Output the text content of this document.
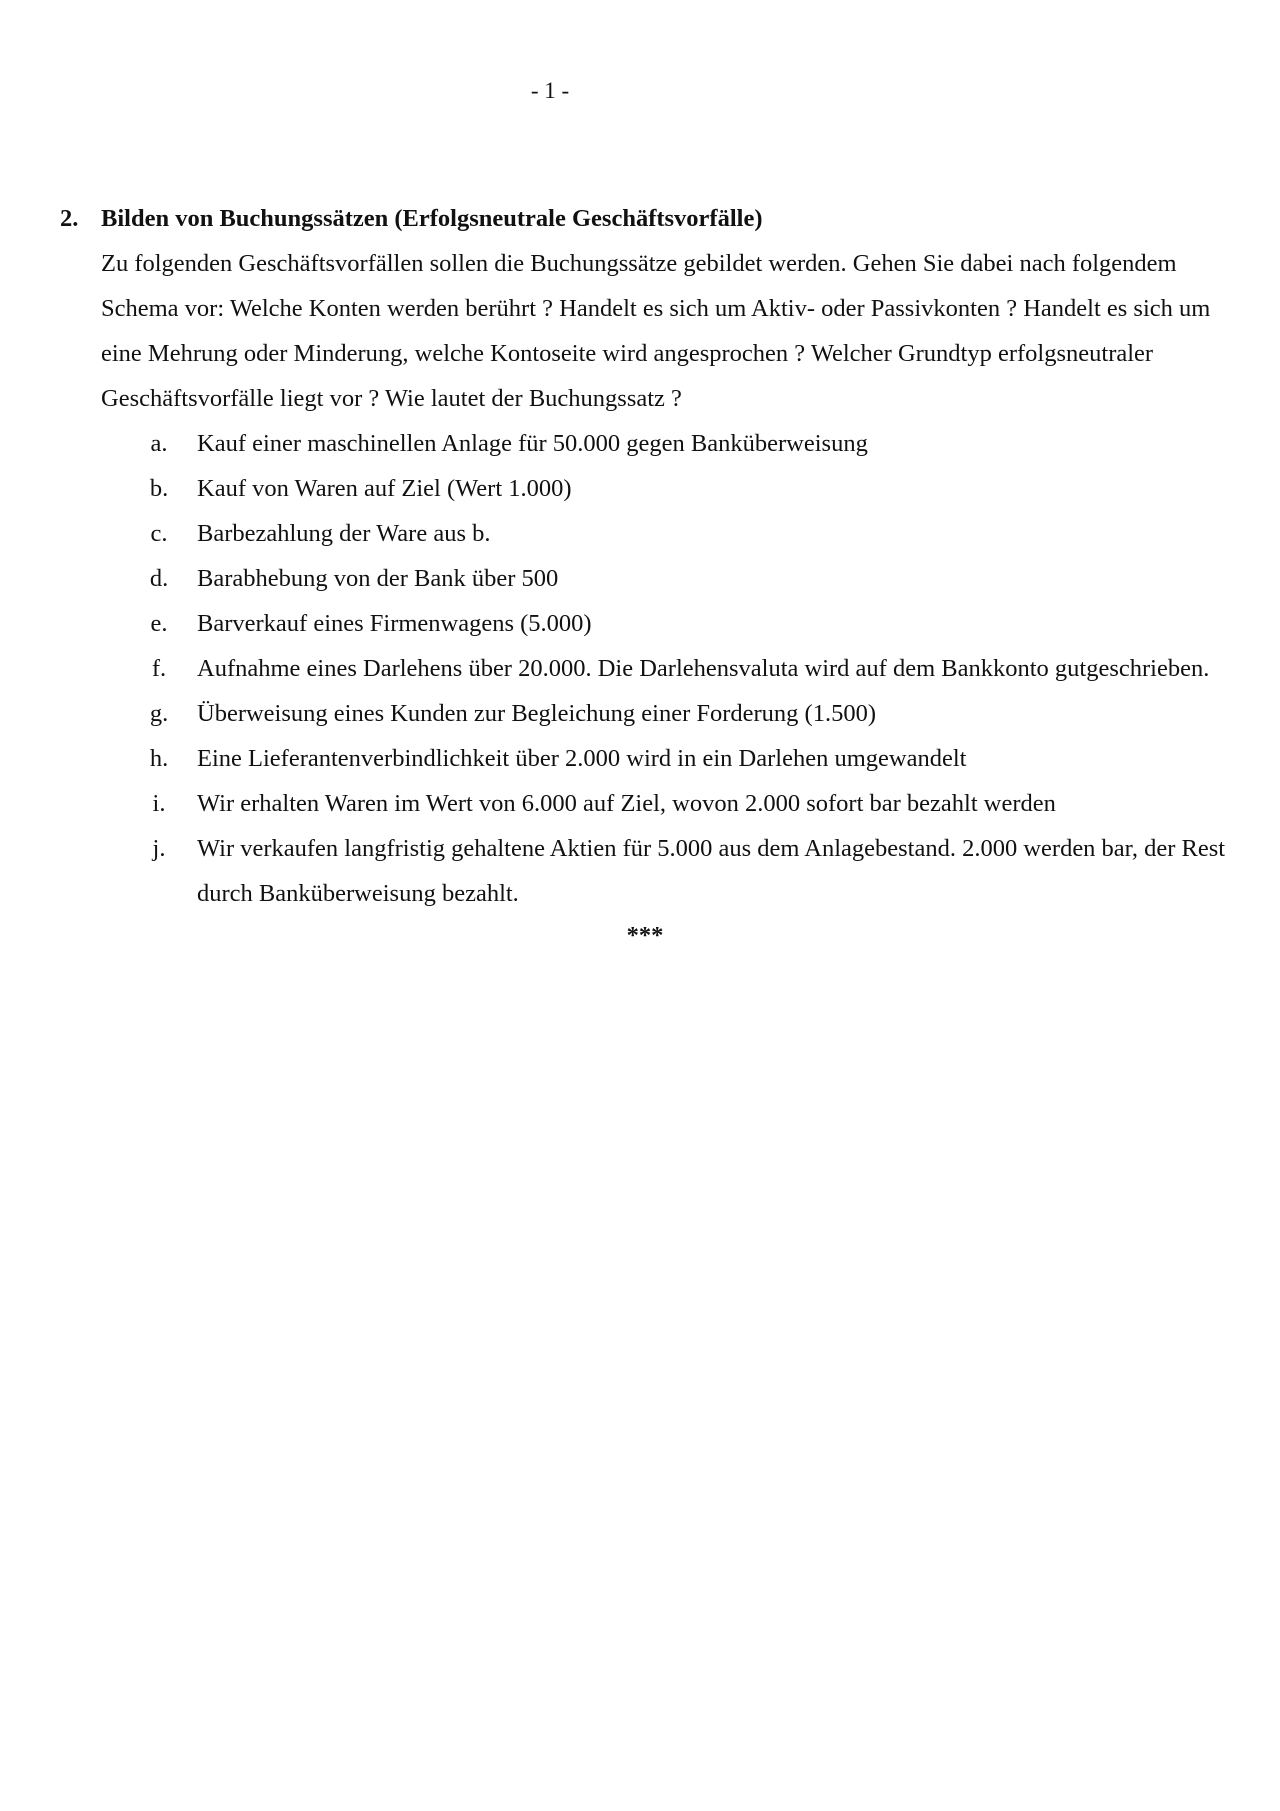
- 1 -
2. Bilden von Buchungssätzen (Erfolgsneutrale Geschäftsvorfälle)
Zu folgenden Geschäftsvorfällen sollen die Buchungssätze gebildet werden. Gehen Sie dabei nach folgendem Schema vor: Welche Konten werden berührt ? Handelt es sich um Aktiv- oder Passivkonten ? Handelt es sich um eine Mehrung oder Minderung, welche Kontoseite wird angesprochen ? Welcher Grundtyp erfolgsneutraler Geschäftsvorfälle liegt vor ? Wie lautet der Buchungssatz ?
a.	Kauf einer maschinellen Anlage für 50.000 gegen Banküberweisung
b.	Kauf von Waren auf Ziel (Wert 1.000)
c.	Barbezahlung der Ware aus b.
d.	Barabhebung von der Bank über 500
e.	Barverkauf eines Firmenwagens (5.000)
f.	Aufnahme eines Darlehens über 20.000. Die Darlehensvaluta wird auf dem Bankkonto gutgeschrieben.
g.	Überweisung eines Kunden zur Begleichung einer Forderung (1.500)
h.	Eine Lieferantenverbindlichkeit über 2.000 wird in ein Darlehen umgewandelt
i.	Wir erhalten Waren im Wert von 6.000 auf Ziel, wovon 2.000 sofort bar bezahlt werden
j.	Wir verkaufen langfristig gehaltene Aktien für 5.000 aus dem Anlagebestand. 2.000 werden bar, der Rest durch Banküberweisung bezahlt.
***
